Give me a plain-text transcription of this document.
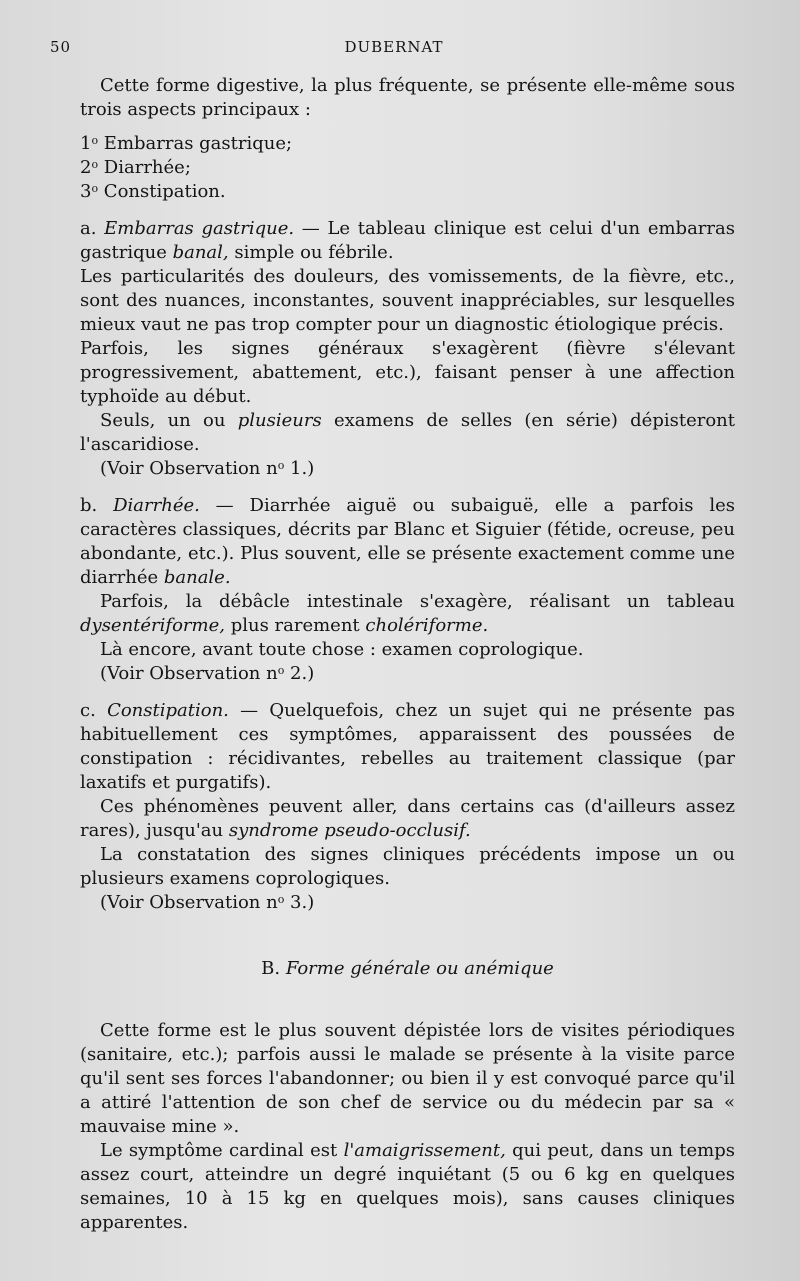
50	DUBERNAT

Cette forme digestive, la plus fréquente, se présente elle-même sous trois aspects principaux :

1$^o$ Embarras gastrique;

2$^o$ Diarrhée;

3$^o$ Constipation.

a. Embarras gastrique. — Le tableau clinique est celui d'un embarras gastrique banal, simple ou fébrile.

Les particularités des douleurs, des vomissements, de la fièvre, etc., sont des nuances, inconstantes, souvent inappréciables, sur lesquelles mieux vaut ne pas trop compter pour un diagnostic étiologique précis.

Parfois, les signes généraux s'exagèrent (fièvre s'élevant progressivement, abattement, etc.), faisant penser à une affection typhoïde au début.

Seuls, un ou plusieurs examens de selles (en série) dépisteront l'ascaridiose.

(Voir Observation $n^o$ 1.)

b. Diarrhée. — Diarrhée aiguë ou subaiguë, elle a parfois les caractères classiques, décrits par Blanc et Siguier (fétide, ocreuse, peu abondante, etc.). Plus souvent, elle se présente exactement comme une diarrhée banale.

Parfois, la débâcle intestinale s'exagère, réalisant un tableau dysentériforme, plus rarement cholériforme.

Là encore, avant toute chose : examen coprologique.

(Voir Observation $n^o$ 2.)

c. Constipation. — Quelquefois, chez un sujet qui ne présente pas habituellement ces symptômes, apparaissent des poussées de constipation : récidivantes, rebelles au traitement classique (par laxatifs et purgatifs).

Ces phénomènes peuvent aller, dans certains cas (d'ailleurs assez rares), jusqu'au syndrome pseudo-occlusif.

La constatation des signes cliniques précédents impose un ou plusieurs examens coprologiques.

(Voir Observation $n^o$ 3.)

B. Forme générale ou anémique

Cette forme est le plus souvent dépistée lors de visites périodiques (sanitaire, etc.); parfois aussi le malade se présente à la visite parce qu'il sent ses forces l'abandonner; ou bien il y est convoqué parce qu'il a attiré l'attention de son chef de service ou du médecin par sa « mauvaise mine ».

Le symptôme cardinal est l'amaigrissement, qui peut, dans un temps assez court, atteindre un degré inquiétant (5 ou 6 kg en quelques semaines, 10 à 15 kg en quelques mois), sans causes cliniques apparentes.
